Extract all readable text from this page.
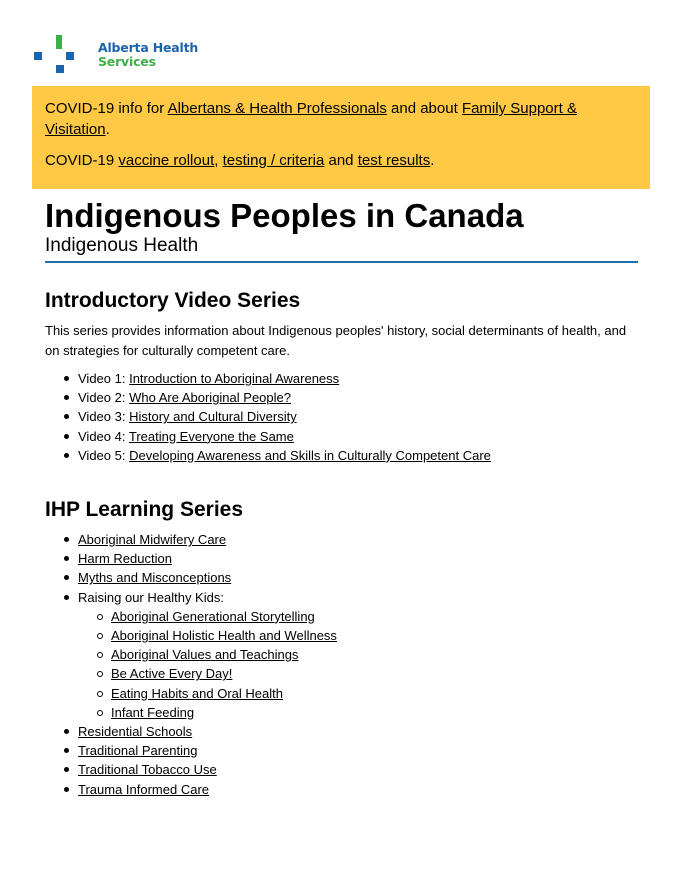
Alberta Health
Services

COVID-19 info for Albertans & Health Professionals and about Family Support & Visitation.

COVID-19 vaccine rollout, testing / criteria and test results.

Indigenous Peoples in Canada
Indigenous Health
Introductory Video Series

This series provides information about Indigenous peoples' history, social determinants of health, and on strategies for culturally competent care.

Video 1: Introduction to Aboriginal Awareness
Video 2: Who Are Aboriginal People?
Video 3: History and Cultural Diversity
Video 4: Treating Everyone the Same
Video 5: Developing Awareness and Skills in Culturally Competent Care
IHP Learning Series
Aboriginal Midwifery Care
Harm Reduction
Myths and Misconceptions
Raising our Healthy Kids:
Aboriginal Generational Storytelling
Aboriginal Holistic Health and Wellness
Aboriginal Values and Teachings
Be Active Every Day!
Eating Habits and Oral Health
Infant Feeding
Residential Schools
Traditional Parenting
Traditional Tobacco Use
Trauma Informed Care
